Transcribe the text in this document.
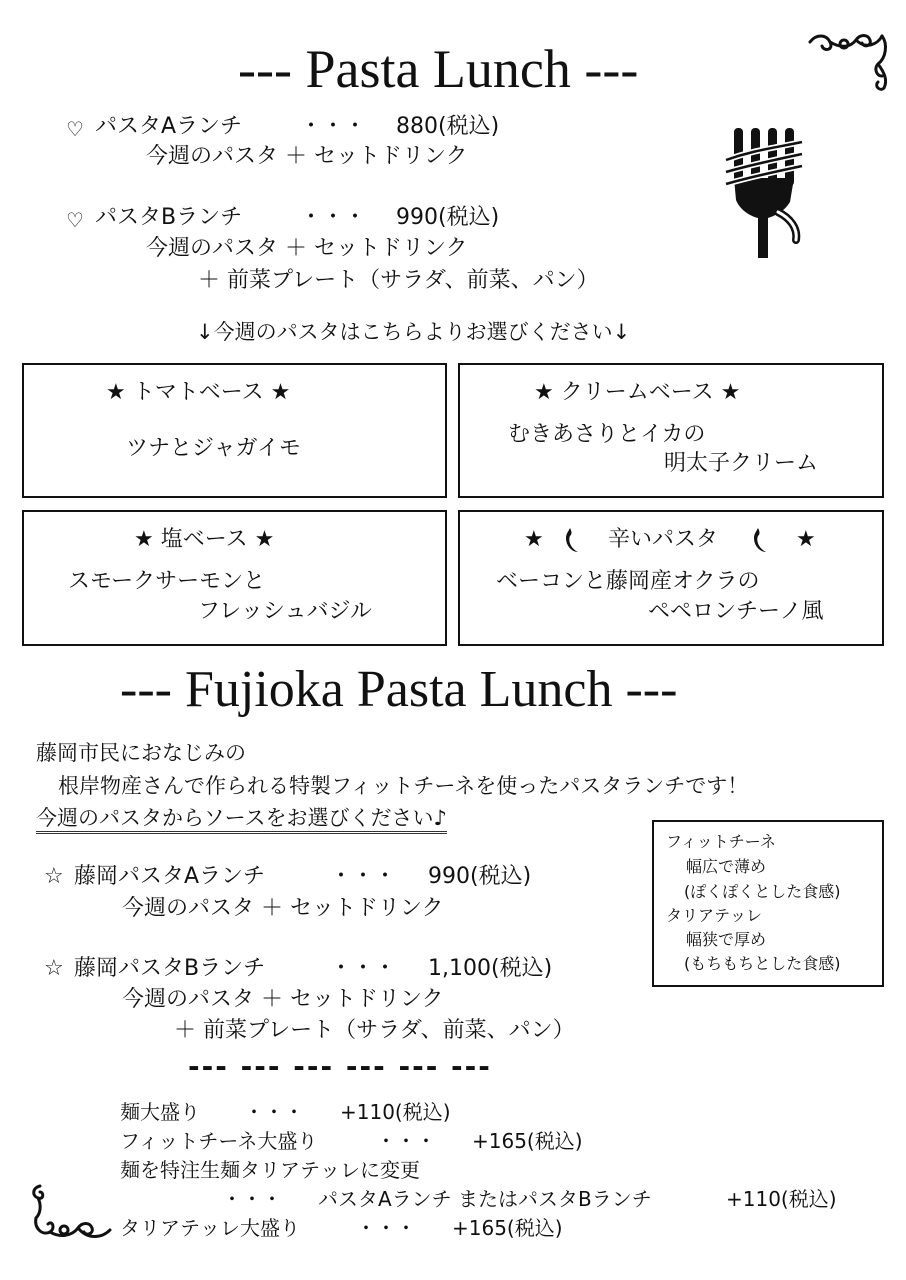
--- Pasta Lunch ---
♡ パスタAランチ	・・・ 880(税込)
今週のパスタ ＋ セットドリンク
♡ パスタBランチ	・・・ 990(税込)
今週のパスタ ＋ セットドリンク
＋ 前菜プレート（サラダ、前菜、パン）
↓今週のパスタはこちらよりお選びください↓
★ トマトベース ★
ツナとジャガイモ
★ クリームベース ★
むきあさりとイカの
明太子クリーム
★ 塩ベース ★
スモークサーモンと
フレッシュバジル
★	辛いパスタ	★
ベーコンと藤岡産オクラの
ペペロンチーノ風
--- Fujioka Pasta Lunch ---
藤岡市民におなじみの
根岸物産さんで作られる特製フィットチーネを使ったパスタランチです！
今週のパスタからソースをお選びください♪
フィットチーネ
幅広で薄め
(ぽくぽくとした食感)
タリアテッレ
幅狭で厚め
(もちもちとした食感)
☆ 藤岡パスタAランチ	・・・ 990(税込)
今週のパスタ ＋ セットドリンク
☆ 藤岡パスタBランチ	・・・ 1,100(税込)
今週のパスタ ＋ セットドリンク
＋ 前菜プレート（サラダ、前菜、パン）
--- --- --- --- --- ---
麺大盛り ・・・ +110(税込)
フィットチーネ大盛り	・・・ +165(税込)
麺を特注生麺タリアテッレに変更
・・・ パスタAランチ またはパスタBランチ	+110(税込)
タリアテッレ大盛り	・・・ +165(税込)
